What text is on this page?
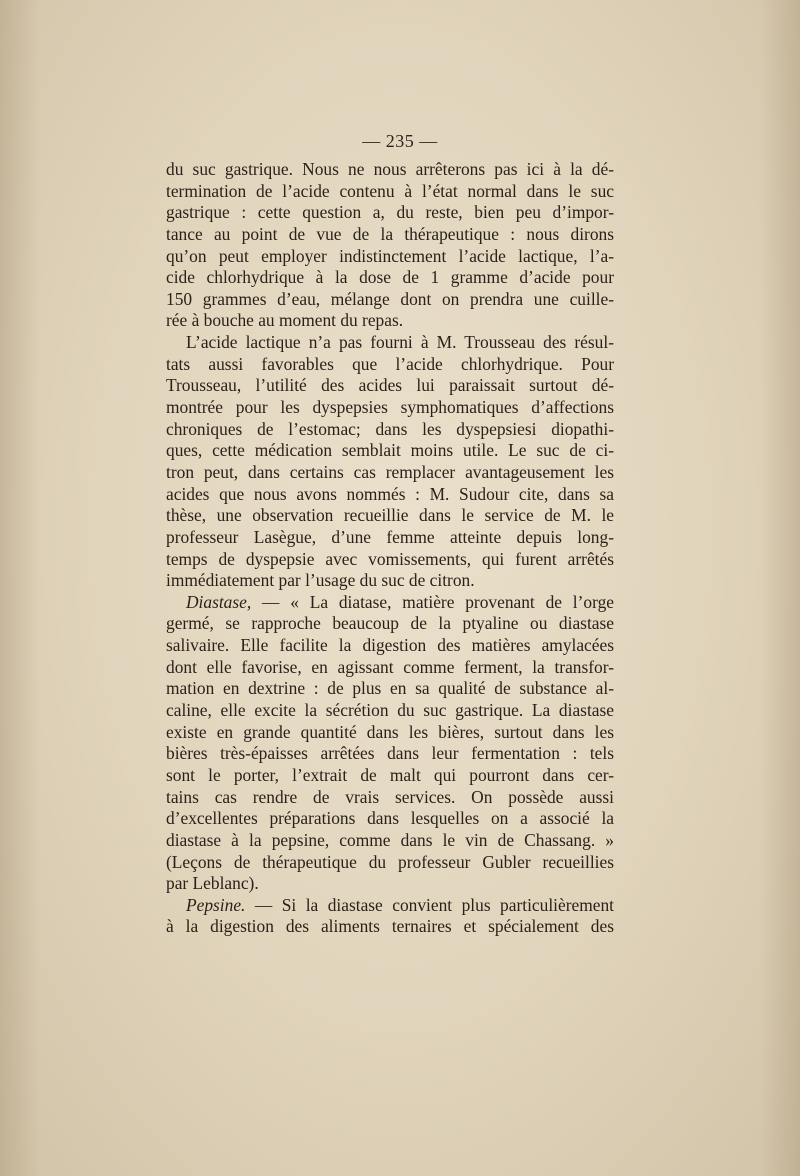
— 235 —
du suc gastrique. Nous ne nous arrêterons pas ici à la dé-
termination de l’acide contenu à l’état normal dans le suc
gastrique : cette question a, du reste, bien peu d’impor-
tance au point de vue de la thérapeutique : nous dirons
qu’on peut employer indistinctement l’acide lactique, l’a-
cide chlorhydrique à la dose de 1 gramme d’acide pour
150 grammes d’eau, mélange dont on prendra une cuille-
rée à bouche au moment du repas.
L’acide lactique n’a pas fourni à M. Trousseau des résul-
tats aussi favorables que l’acide chlorhydrique. Pour
Trousseau, l’utilité des acides lui paraissait surtout dé-
montrée pour les dyspepsies symphomatiques d’affections
chroniques de l’estomac; dans les dyspepsiesi diopathi-
ques, cette médication semblait moins utile. Le suc de ci-
tron peut, dans certains cas remplacer avantageusement les
acides que nous avons nommés : M. Sudour cite, dans sa
thèse, une observation recueillie dans le service de M. le
professeur Lasègue, d’une femme atteinte depuis long-
temps de dyspepsie avec vomissements, qui furent arrêtés
immédiatement par l’usage du suc de citron.
Diastase, — « La diatase, matière provenant de l’orge
germé, se rapproche beaucoup de la ptyaline ou diastase
salivaire. Elle facilite la digestion des matières amylacées
dont elle favorise, en agissant comme ferment, la transfor-
mation en dextrine : de plus en sa qualité de substance al-
caline, elle excite la sécrétion du suc gastrique. La diastase
existe en grande quantité dans les bières, surtout dans les
bières très-épaisses arrêtées dans leur fermentation : tels
sont le porter, l’extrait de malt qui pourront dans cer-
tains cas rendre de vrais services. On possède aussi
d’excellentes préparations dans lesquelles on a associé la
diastase à la pepsine, comme dans le vin de Chassang. »
(Leçons de thérapeutique du professeur Gubler recueillies
par Leblanc).
Pepsine. — Si la diastase convient plus particulièrement
à la digestion des aliments ternaires et spécialement des
